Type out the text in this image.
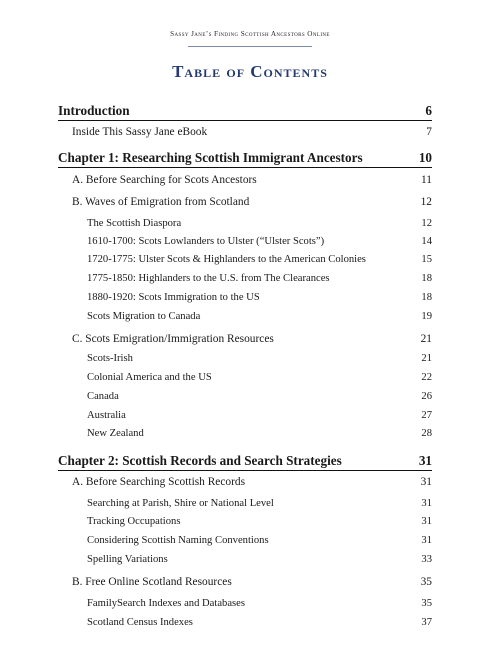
Sassy Jane’s Finding Scottish Ancestors Online
Table of Contents
Introduction	6
Inside This Sassy Jane eBook	7
Chapter 1: Researching Scottish Immigrant Ancestors	10
A. Before Searching for Scots Ancestors	11
B. Waves of Emigration from Scotland	12
The Scottish Diaspora	12
1610-1700: Scots Lowlanders to Ulster (“Ulster Scots”)	14
1720-1775: Ulster Scots & Highlanders to the American Colonies	15
1775-1850: Highlanders to the U.S. from The Clearances	18
1880-1920: Scots Immigration to the US	18
Scots Migration to Canada	19
C. Scots Emigration/Immigration Resources	21
Scots-Irish	21
Colonial America and the US	22
Canada	26
Australia	27
New Zealand	28
Chapter 2: Scottish Records and Search Strategies	31
A. Before Searching Scottish Records	31
Searching at Parish, Shire or National Level	31
Tracking Occupations	31
Considering Scottish Naming Conventions	31
Spelling Variations	33
B. Free Online Scotland Resources	35
FamilySearch Indexes and Databases	35
Scotland Census Indexes	37
